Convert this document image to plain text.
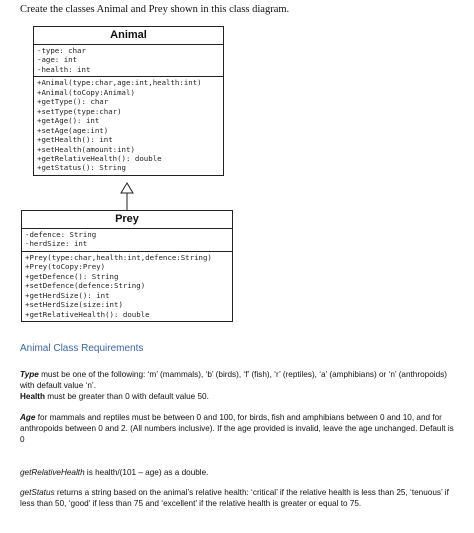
Create the classes Animal and Prey shown in this class diagram.
Animal
-type: char
-age: int
-health: int
+Animal(type:char,age:int,health:int)
+Animal(toCopy:Animal)
+getType(): char
+setType(type:char)
+getAge(): int
+setAge(age:int)
+getHealth(): int
+setHealth(amount:int)
+getRelativeHealth(): double
+getStatus(): String
Prey
-defence: String
-herdSize: int
+Prey(type:char,health:int,defence:String)
+Prey(toCopy:Prey)
+getDefence(): String
+setDefence(defence:String)
+getHerdSize(): int
+setHerdSize(size:int)
+getRelativeHealth(): double
Animal Class Requirements
Type must be one of the following: ‘m’ (mammals), ‘b’ (birds), ‘f’ (fish), ‘r’ (reptiles), ‘a’ (amphibians) or ‘n’ (anthropoids) with default value ‘n’.
Health must be greater than 0 with default value 50.
Age for mammals and reptiles must be between 0 and 100, for birds, fish and amphibians between 0 and 10, and for anthropoids between 0 and 2. (All numbers inclusive). If the age provided is invalid, leave the age unchanged. Default is 0
getRelativeHealth is health/(101 – age) as a double.
getStatus returns a string based on the animal’s relative health: ‘critical’ if the relative health is less than 25, ‘tenuous’ if less than 50, ‘good’ if less than 75 and ‘excellent’ if the relative health is greater or equal to 75.
